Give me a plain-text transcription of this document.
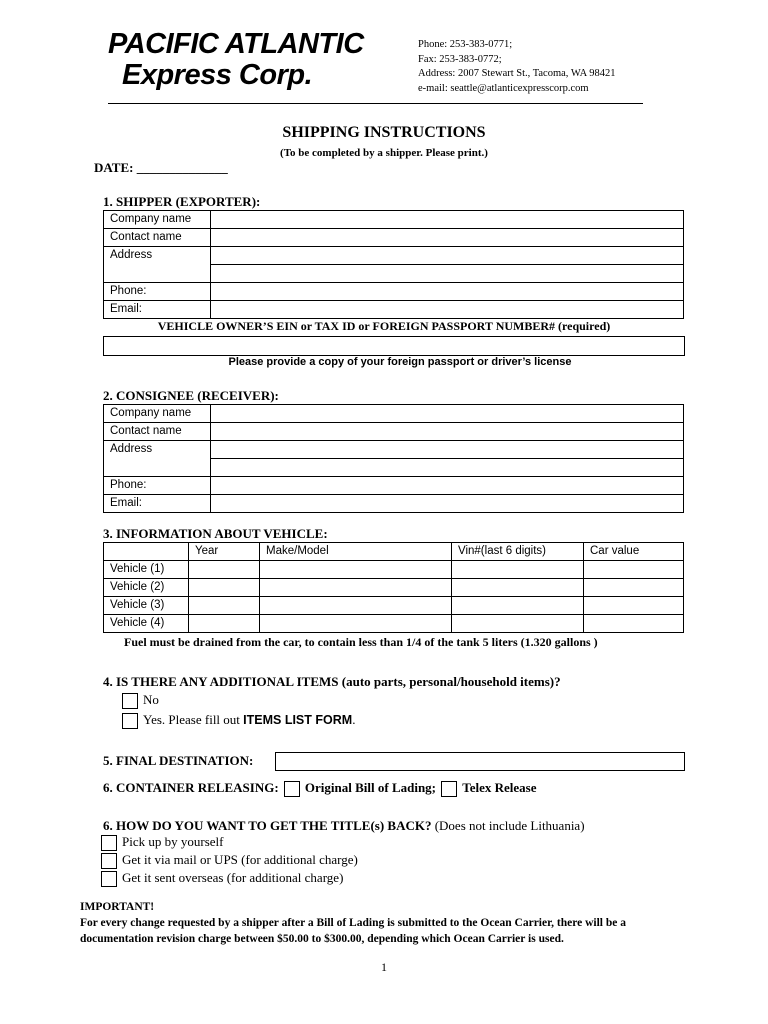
PACIFIC ATLANTIC
Express Corp.
Phone: 253-383-0771;
Fax: 253-383-0772;
Address: 2007 Stewart St., Tacoma, WA 98421
e-mail: seattle@atlanticexpresscorp.com
SHIPPING INSTRUCTIONS
(To be completed by a shipper. Please print.)
DATE: ______________
1. SHIPPER (EXPORTER):
Company name	
Contact name	
Address	

Phone:	
Email:	
VEHICLE OWNER’S EIN or TAX ID or FOREIGN PASSPORT NUMBER# (required)
Please provide a copy of your foreign passport or driver’s license
2. CONSIGNEE (RECEIVER):
Company name	
Contact name	
Address	

Phone:	
Email:	
3. INFORMATION ABOUT VEHICLE:
	Year	Make/Model	Vin#(last 6 digits)	Car value
Vehicle (1)				
Vehicle (2)				
Vehicle (3)				
Vehicle (4)				
Fuel must be drained from the car, to contain less than 1/4 of the tank 5 liters (1.320 gallons )
4. IS THERE ANY ADDITIONAL ITEMS (auto parts, personal/household items)?
No
Yes. Please fill out ITEMS LIST FORM.
5. FINAL DESTINATION:
6. CONTAINER RELEASING: Original Bill of Lading; Telex Release
6. HOW DO YOU WANT TO GET THE TITLE(s) BACK? (Does not include Lithuania)
Pick up by yourself
Get it via mail or UPS (for additional charge)
Get it sent overseas (for additional charge)
IMPORTANT!
For every change requested by a shipper after a Bill of Lading is submitted to the Ocean Carrier, there will be a documentation revision charge between $50.00 to $300.00, depending which Ocean Carrier is used.
1
